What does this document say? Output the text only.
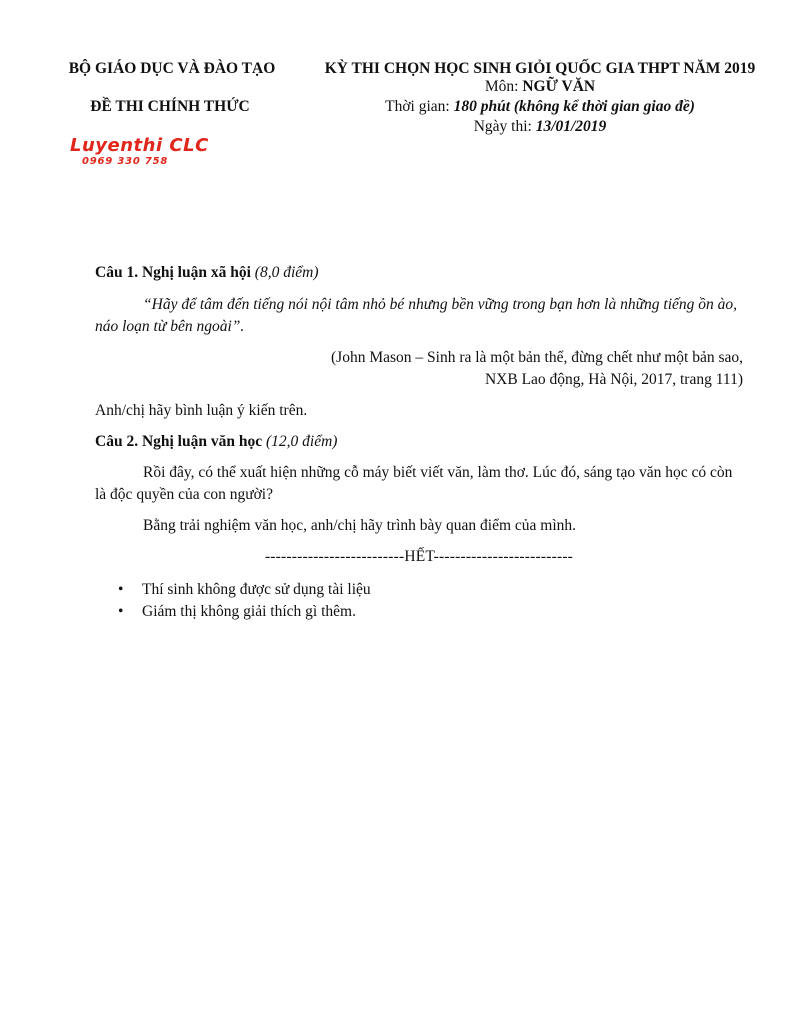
BỘ GIÁO DỤC VÀ ĐÀO TẠO
ĐỀ THI CHÍNH THỨC
KỲ THI CHỌN HỌC SINH GIỎI QUỐC GIA THPT NĂM 2019
Môn: NGỮ VĂN
Thời gian: 180 phút (không kể thời gian giao đề)
Ngày thi: 13/01/2019
Luyenthi CLC
0969 330 758
Câu 1. Nghị luận xã hội (8,0 điểm)
“Hãy để tâm đến tiếng nói nội tâm nhỏ bé nhưng bền vững trong bạn hơn là những tiếng ồn ào, náo loạn từ bên ngoài”.
(John Mason – Sinh ra là một bản thể, đừng chết như một bản sao,
NXB Lao động, Hà Nội, 2017, trang 111)
Anh/chị hãy bình luận ý kiến trên.
Câu 2. Nghị luận văn học (12,0 điểm)
Rồi đây, có thể xuất hiện những cỗ máy biết viết văn, làm thơ. Lúc đó, sáng tạo văn học có còn là độc quyền của con người?
Bằng trải nghiệm văn học, anh/chị hãy trình bày quan điểm của mình.
--------------------------HẾT--------------------------
• Thí sinh không được sử dụng tài liệu
• Giám thị không giải thích gì thêm.
